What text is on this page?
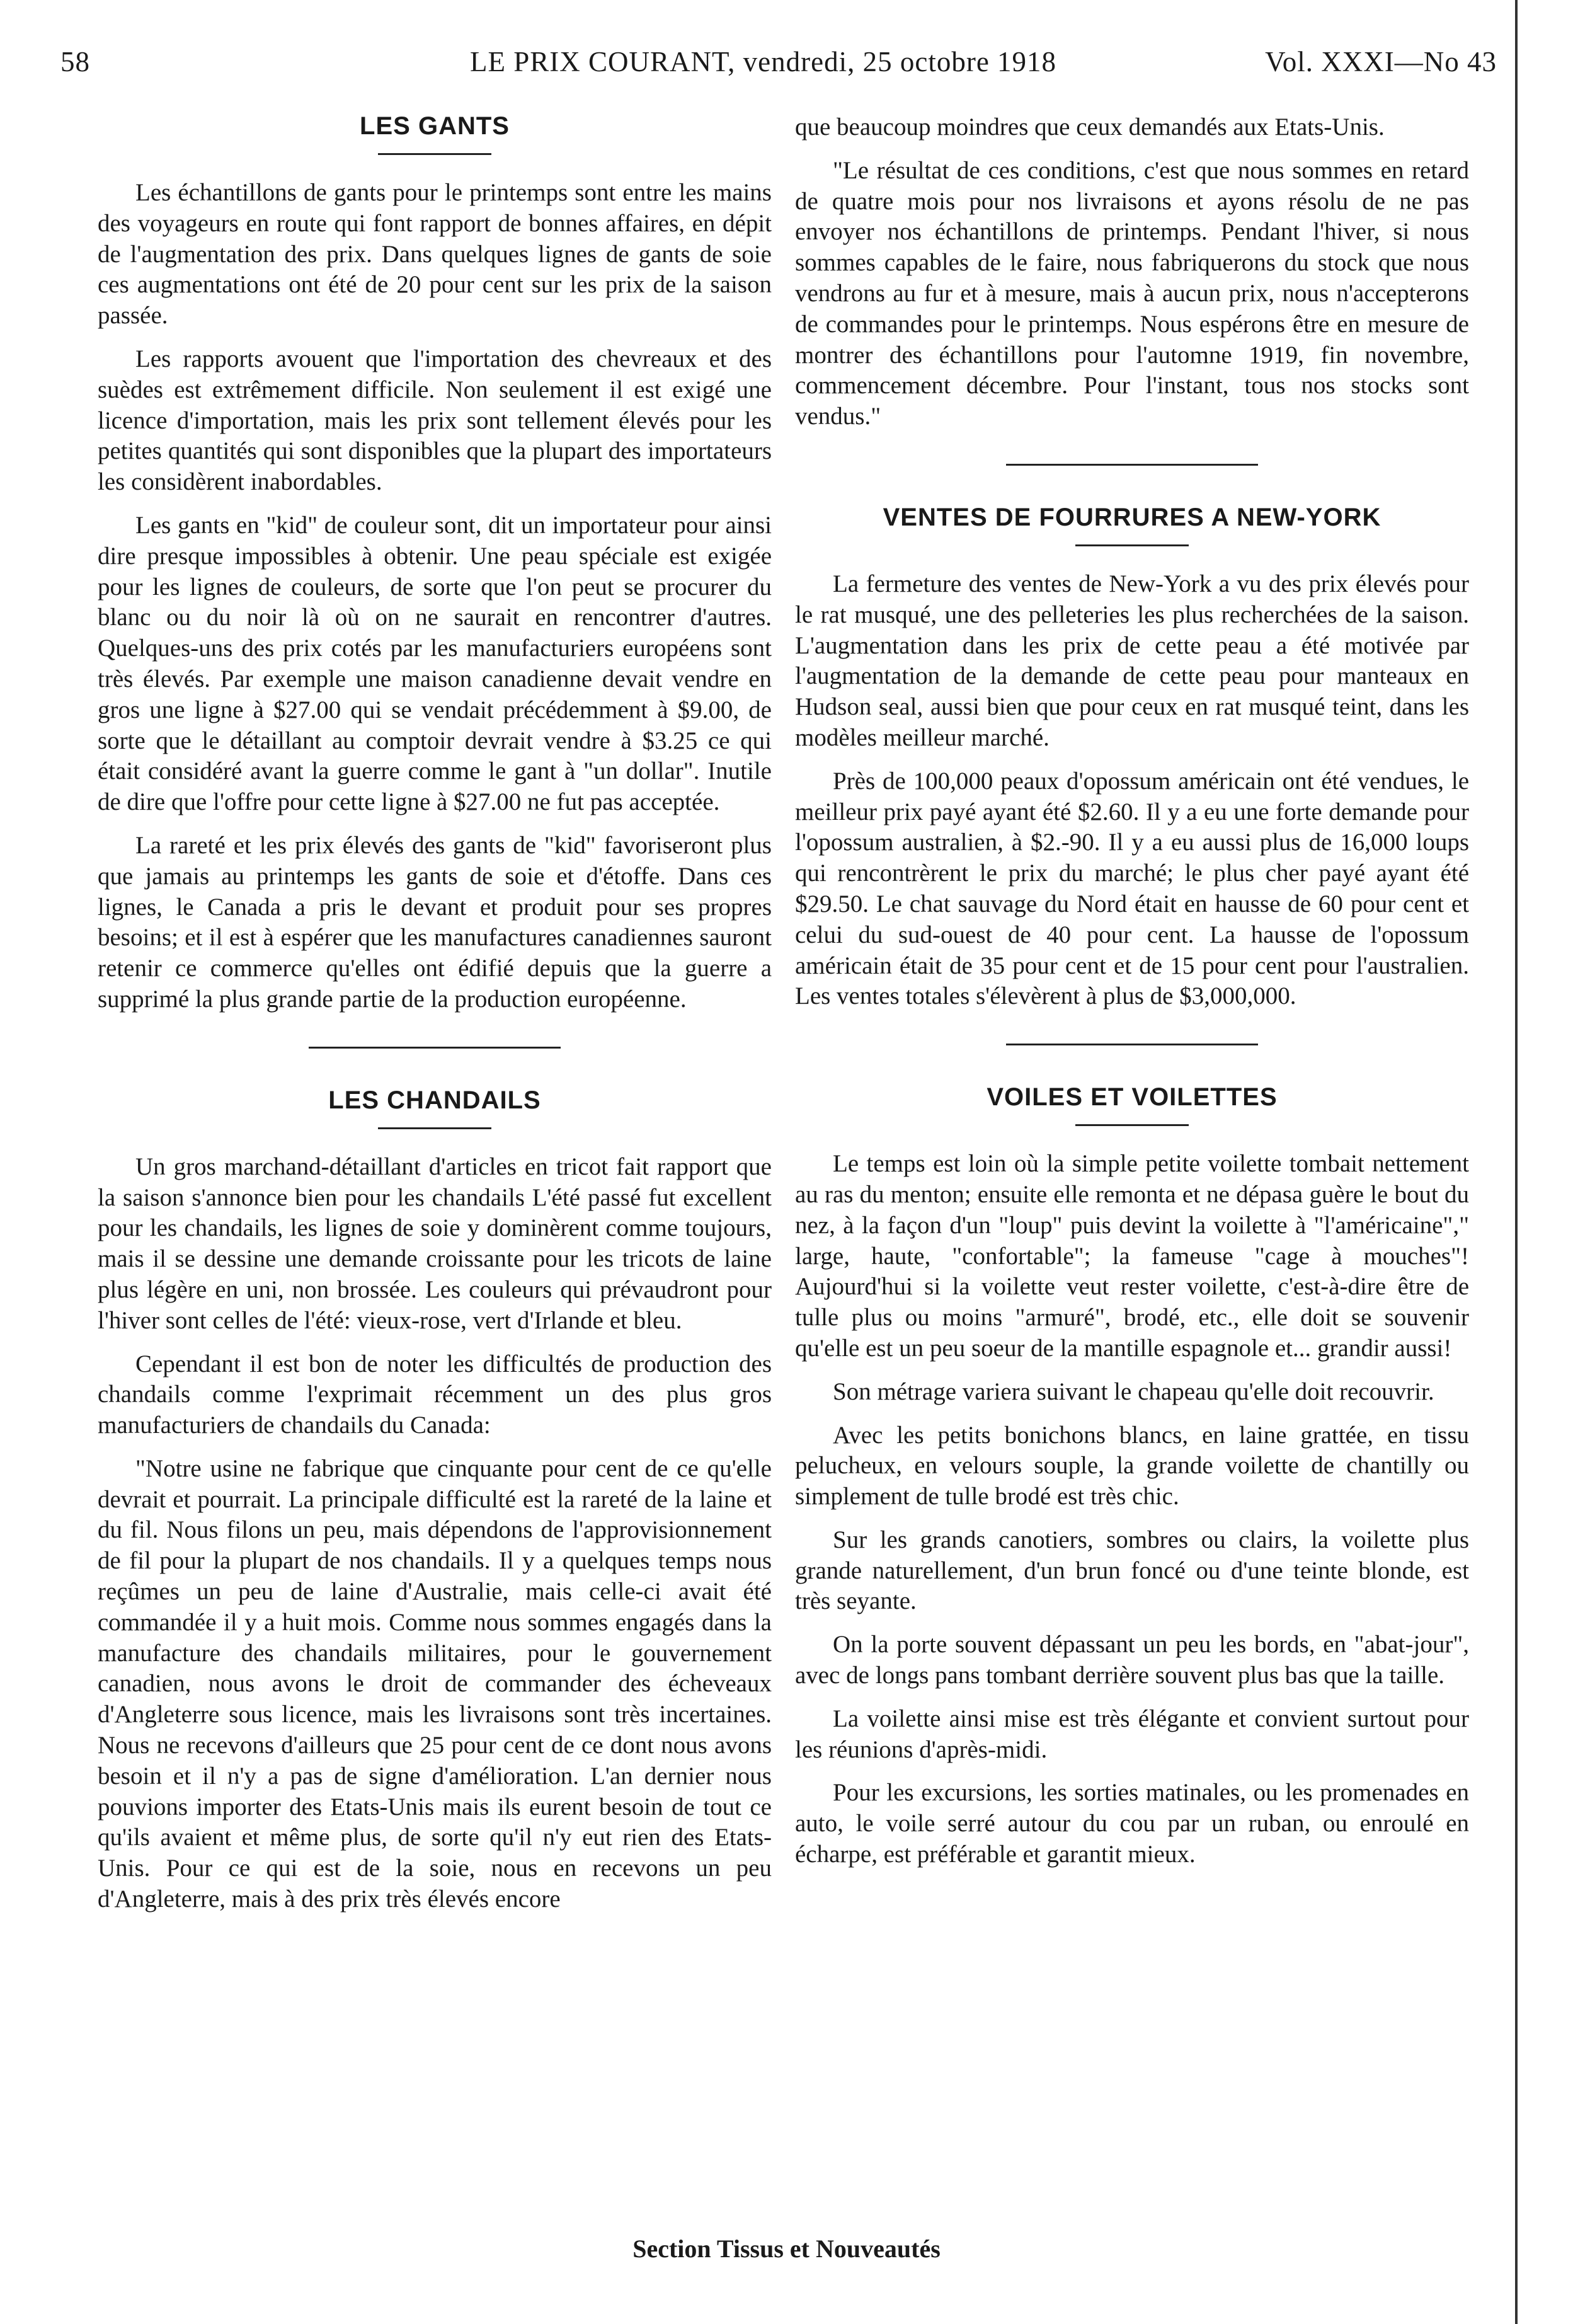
58	LE PRIX COURANT, vendredi, 25 octobre 1918	Vol. XXXI—No 43
LES GANTS

Les échantillons de gants pour le printemps sont entre les mains des voyageurs en route qui font rapport de bonnes affaires, en dépit de l'augmentation des prix. Dans quelques lignes de gants de soie ces augmentations ont été de 20 pour cent sur les prix de la saison passée.

Les rapports avouent que l'importation des chevreaux et des suèdes est extrêmement difficile. Non seulement il est exigé une licence d'importation, mais les prix sont tellement élevés pour les petites quantités qui sont disponibles que la plupart des importateurs les considèrent inabordables.

Les gants en "kid" de couleur sont, dit un importateur pour ainsi dire presque impossibles à obtenir. Une peau spéciale est exigée pour les lignes de couleurs, de sorte que l'on peut se procurer du blanc ou du noir là où on ne saurait en rencontrer d'autres. Quelques-uns des prix cotés par les manufacturiers européens sont très élevés. Par exemple une maison canadienne devait vendre en gros une ligne à $27.00 qui se vendait précédemment à $9.00, de sorte que le détaillant au comptoir devrait vendre à $3.25 ce qui était considéré avant la guerre comme le gant à "un dollar". Inutile de dire que l'offre pour cette ligne à $27.00 ne fut pas acceptée.

La rareté et les prix élevés des gants de "kid" favoriseront plus que jamais au printemps les gants de soie et d'étoffe. Dans ces lignes, le Canada a pris le devant et produit pour ses propres besoins; et il est à espérer que les manufactures canadiennes sauront retenir ce commerce qu'elles ont édifié depuis que la guerre a supprimé la plus grande partie de la production européenne.

LES CHANDAILS

Un gros marchand-détaillant d'articles en tricot fait rapport que la saison s'annonce bien pour les chandails L'été passé fut excellent pour les chandails, les lignes de soie y dominèrent comme toujours, mais il se dessine une demande croissante pour les tricots de laine plus légère en uni, non brossée. Les couleurs qui prévaudront pour l'hiver sont celles de l'été: vieux-rose, vert d'Irlande et bleu.

Cependant il est bon de noter les difficultés de production des chandails comme l'exprimait récemment un des plus gros manufacturiers de chandails du Canada:

"Notre usine ne fabrique que cinquante pour cent de ce qu'elle devrait et pourrait. La principale difficulté est la rareté de la laine et du fil. Nous filons un peu, mais dépendons de l'approvisionnement de fil pour la plupart de nos chandails. Il y a quelques temps nous reçûmes un peu de laine d'Australie, mais celle-ci avait été commandée il y a huit mois. Comme nous sommes engagés dans la manufacture des chandails militaires, pour le gouvernement canadien, nous avons le droit de commander des écheveaux d'Angleterre sous licence, mais les livraisons sont très incertaines. Nous ne recevons d'ailleurs que 25 pour cent de ce dont nous avons besoin et il n'y a pas de signe d'amélioration. L'an dernier nous pouvions importer des Etats-Unis mais ils eurent besoin de tout ce qu'ils avaient et même plus, de sorte qu'il n'y eut rien des Etats-Unis. Pour ce qui est de la soie, nous en recevons un peu d'Angleterre, mais à des prix très élevés encore

que beaucoup moindres que ceux demandés aux Etats-Unis.

"Le résultat de ces conditions, c'est que nous sommes en retard de quatre mois pour nos livraisons et ayons résolu de ne pas envoyer nos échantillons de printemps. Pendant l'hiver, si nous sommes capables de le faire, nous fabriquerons du stock que nous vendrons au fur et à mesure, mais à aucun prix, nous n'accepterons de commandes pour le printemps. Nous espérons être en mesure de montrer des échantillons pour l'automne 1919, fin novembre, commencement décembre. Pour l'instant, tous nos stocks sont vendus."

VENTES DE FOURRURES A NEW-YORK

La fermeture des ventes de New-York a vu des prix élevés pour le rat musqué, une des pelleteries les plus recherchées de la saison. L'augmentation dans les prix de cette peau a été motivée par l'augmentation de la demande de cette peau pour manteaux en Hudson seal, aussi bien que pour ceux en rat musqué teint, dans les modèles meilleur marché.

Près de 100,000 peaux d'opossum américain ont été vendues, le meilleur prix payé ayant été $2.60. Il y a eu une forte demande pour l'opossum australien, à $2.-90. Il y a eu aussi plus de 16,000 loups qui rencontrèrent le prix du marché; le plus cher payé ayant été $29.50. Le chat sauvage du Nord était en hausse de 60 pour cent et celui du sud-ouest de 40 pour cent. La hausse de l'opossum américain était de 35 pour cent et de 15 pour cent pour l'australien. Les ventes totales s'élevèrent à plus de $3,000,000.

VOILES ET VOILETTES

Le temps est loin où la simple petite voilette tombait nettement au ras du menton; ensuite elle remonta et ne dépasa guère le bout du nez, à la façon d'un "loup" puis devint la voilette à "l'américaine"," large, haute, "confortable"; la fameuse "cage à mouches"! Aujourd'hui si la voilette veut rester voilette, c'est-à-dire être de tulle plus ou moins "armuré", brodé, etc., elle doit se souvenir qu'elle est un peu soeur de la mantille espagnole et... grandir aussi!

Son métrage variera suivant le chapeau qu'elle doit recouvrir.

Avec les petits bonichons blancs, en laine grattée, en tissu pelucheux, en velours souple, la grande voilette de chantilly ou simplement de tulle brodé est très chic.

Sur les grands canotiers, sombres ou clairs, la voilette plus grande naturellement, d'un brun foncé ou d'une teinte blonde, est très seyante.

On la porte souvent dépassant un peu les bords, en "abat-jour", avec de longs pans tombant derrière souvent plus bas que la taille.

La voilette ainsi mise est très élégante et convient surtout pour les réunions d'après-midi.

Pour les excursions, les sorties matinales, ou les promenades en auto, le voile serré autour du cou par un ruban, ou enroulé en écharpe, est préférable et garantit mieux.

Section Tissus et Nouveautés
